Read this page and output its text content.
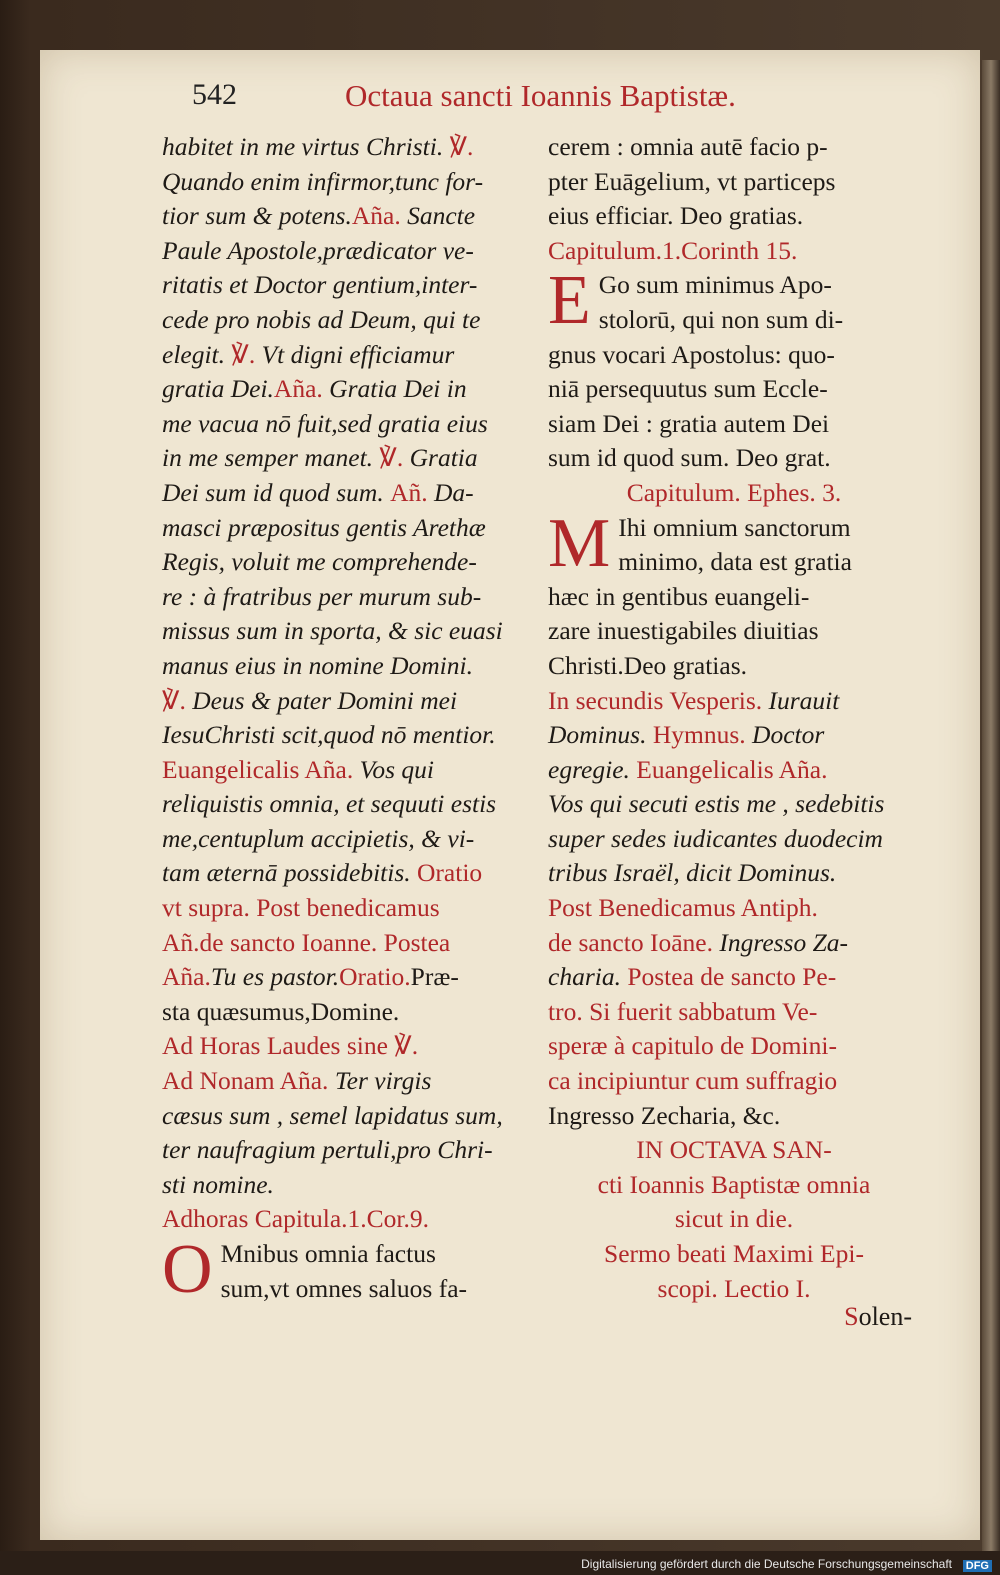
542	Octaua sancti Ioannis Baptistæ.
habitet in me virtus Christi. ℣.
Quando enim infirmor,tunc for-
tior sum & potens.Aña. Sancte
Paule Apostole,prædicator ve-
ritatis et Doctor gentium,inter-
cede pro nobis ad Deum, qui te
elegit. ℣. Vt digni efficiamur
gratia Dei.Aña. Gratia Dei in
me vacua nō fuit,sed gratia eius
in me semper manet. ℣. Gratia
Dei sum id quod sum. Añ. Da-
masci præpositus gentis Arethæ
Regis, voluit me comprehende-
re : à fratribus per murum sub-
missus sum in sporta, & sic euasi
manus eius in nomine Domini.
℣. Deus & pater Domini mei
IesuChristi scit,quod nō mentior.
Euangelicalis Aña. Vos qui
reliquistis omnia, et sequuti estis
me,centuplum accipietis, & vi-
tam æternā possidebitis. Oratio
vt supra. Post benedicamus
Añ.de sancto Ioanne. Postea
Aña.Tu es pastor.Oratio.Præ-
sta quæsumus,Domine.
Ad Horas Laudes sine ℣.
Ad Nonam Aña. Ter virgis
cæsus sum , semel lapidatus sum,
ter naufragium pertuli,pro Chri-
sti nomine.
Adhoras Capitula.1.Cor.9.
O Mnibus omnia factus
sum,vt omnes saluos fa-
cerem : omnia autē facio p-
pter Euāgelium, vt particeps
eius efficiar. Deo gratias.
Capitulum.1.Corinth 15.
E Go sum minimus Apo-
stolorū, qui non sum di-
gnus vocari Apostolus: quo-
niā persequutus sum Eccle-
siam Dei : gratia autem Dei
sum id quod sum. Deo grat.
Capitulum. Ephes. 3.
M Ihi omnium sanctorum
minimo, data est gratia
hæc in gentibus euangeli-
zare inuestigabiles diuitias
Christi.Deo gratias.
In secundis Vesperis. Iurauit
Dominus. Hymnus. Doctor
egregie. Euangelicalis Aña.
Vos qui secuti estis me , sedebitis
super sedes iudicantes duodecim
tribus Israël, dicit Dominus.
Post Benedicamus Antiph.
de sancto Ioāne. Ingresso Za-
charia. Postea de sancto Pe-
tro. Si fuerit sabbatum Ve-
speræ à capitulo de Domini-
ca incipiuntur cum suffragio
Ingresso Zecharia, &c.
IN OCTAVA SAN-
cti Ioannis Baptistæ omnia
sicut in die.
Sermo beati Maximi Epi-
scopi. Lectio I.
Solen-
Digitalisierung gefördert durch die Deutsche Forschungsgemeinschaft DFG
